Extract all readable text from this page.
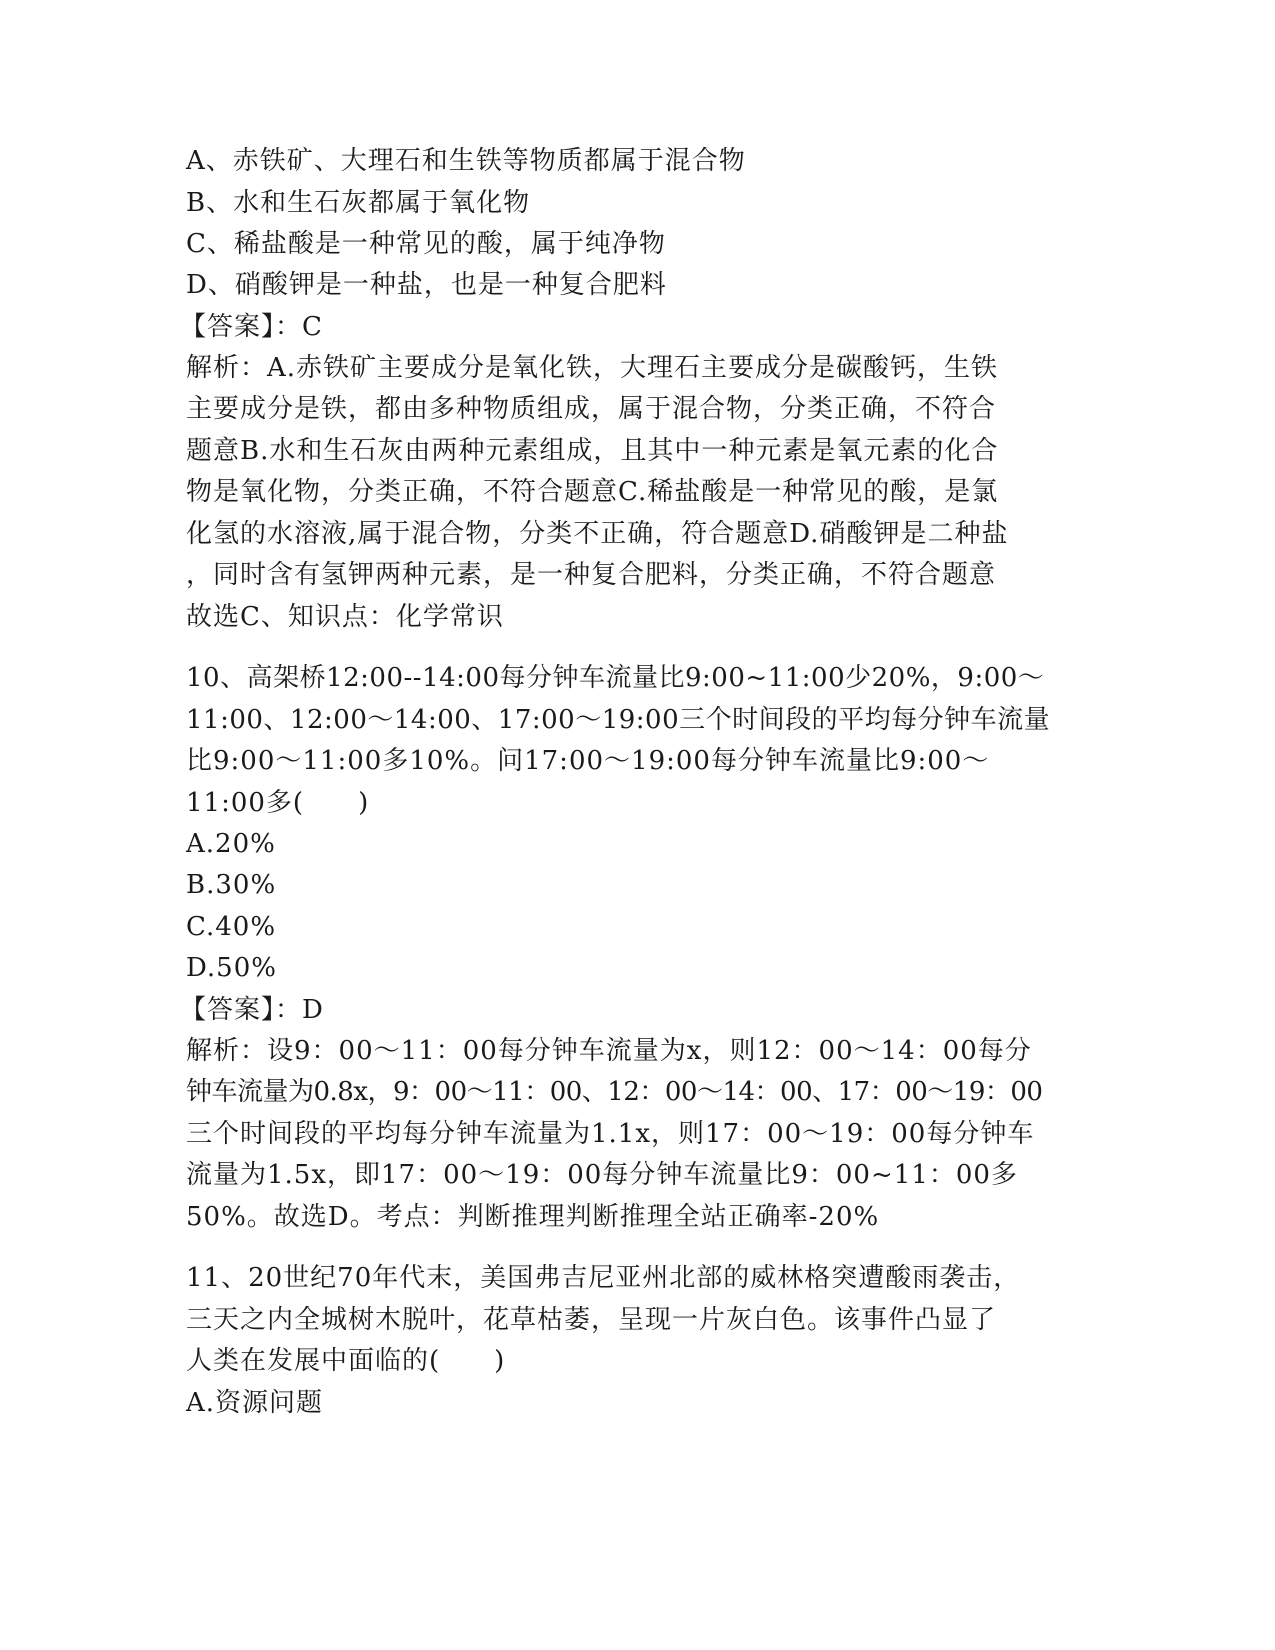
A、赤铁矿、大理石和生铁等物质都属于混合物
B、水和生石灰都属于氧化物
C、稀盐酸是一种常见的酸，属于纯净物
D、硝酸钾是一种盐，也是一种复合肥料
【答案】：C
解析：A.赤铁矿主要成分是氧化铁，大理石主要成分是碳酸钙，生铁
主要成分是铁，都由多种物质组成，属于混合物，分类正确，不符合
题意B.水和生石灰由两种元素组成，且其中一种元素是氧元素的化合
物是氧化物，分类正确，不符合题意C.稀盐酸是一种常见的酸，是氯
化氢的水溶液,属于混合物，分类不正确，符合题意D.硝酸钾是二种盐
，同时含有氢钾两种元素，是一种复合肥料，分类正确，不符合题意
故选C、知识点：化学常识
10、高架桥12:00--14:00每分钟车流量比9:00~11:00少20%，9:00～
11:00、12:00～14:00、17:00～19:00三个时间段的平均每分钟车流量
比9:00～11:00多10%。问17:00～19:00每分钟车流量比9:00～
11:00多(　　)
A.20%
B.30%
C.40%
D.50%
【答案】：D
解析：设9：00～11：00每分钟车流量为x，则12：00～14：00每分
钟车流量为0.8x，9：00～11：00、12：00～14：00、17：00～19：00
三个时间段的平均每分钟车流量为1.1x，则17：00～19：00每分钟车
流量为1.5x，即17：00～19：00每分钟车流量比9：00~11：00多
50%。故选D。考点：判断推理判断推理全站正确率-20%
11、20世纪70年代末，美国弗吉尼亚州北部的威林格突遭酸雨袭击，
三天之内全城树木脱叶，花草枯萎，呈现一片灰白色。该事件凸显了
人类在发展中面临的(　　)
A.资源问题
